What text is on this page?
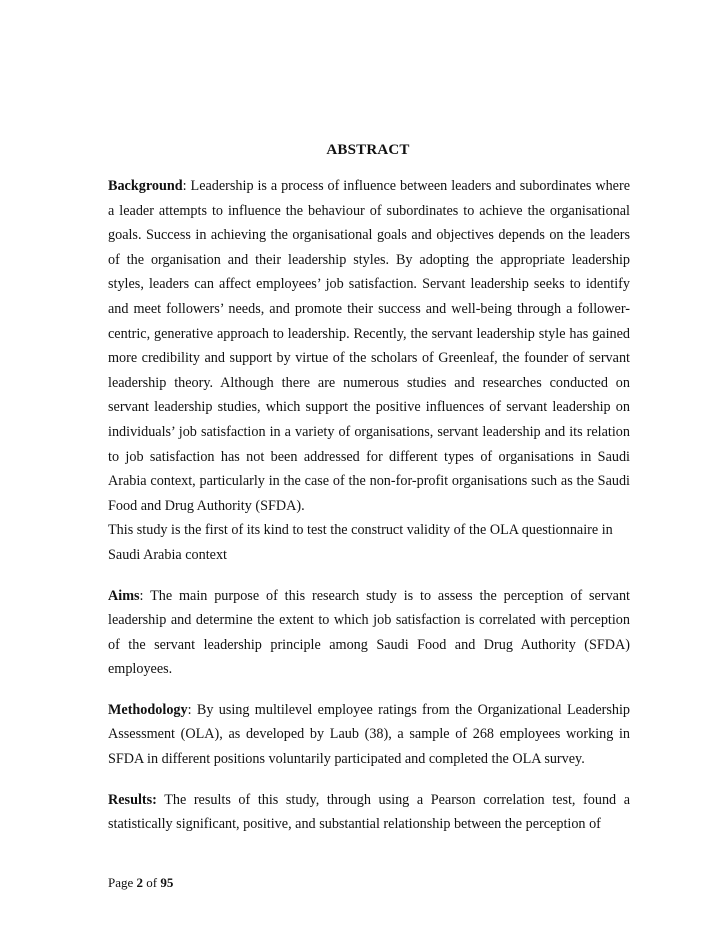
ABSTRACT

Background: Leadership is a process of influence between leaders and subordinates where a leader attempts to influence the behaviour of subordinates to achieve the organisational goals. Success in achieving the organisational goals and objectives depends on the leaders of the organisation and their leadership styles. By adopting the appropriate leadership styles, leaders can affect employees’ job satisfaction. Servant leadership seeks to identify and meet followers’ needs, and promote their success and well-being through a follower-centric, generative approach to leadership. Recently, the servant leadership style has gained more credibility and support by virtue of the scholars of Greenleaf, the founder of servant leadership theory. Although there are numerous studies and researches conducted on servant leadership studies, which support the positive influences of servant leadership on individuals’ job satisfaction in a variety of organisations, servant leadership and its relation to job satisfaction has not been addressed for different types of organisations in Saudi Arabia context, particularly in the case of the non-for-profit organisations such as the Saudi Food and Drug Authority (SFDA).

This study is the first of its kind to test the construct validity of the OLA questionnaire in Saudi Arabia context

Aims: The main purpose of this research study is to assess the perception of servant leadership and determine the extent to which job satisfaction is correlated with perception of the servant leadership principle among Saudi Food and Drug Authority (SFDA) employees.

Methodology: By using multilevel employee ratings from the Organizational Leadership Assessment (OLA), as developed by Laub (38), a sample of 268 employees working in SFDA in different positions voluntarily participated and completed the OLA survey.

Results: The results of this study, through using a Pearson correlation test, found a statistically significant, positive, and substantial relationship between the perception of

Page 2 of 95
